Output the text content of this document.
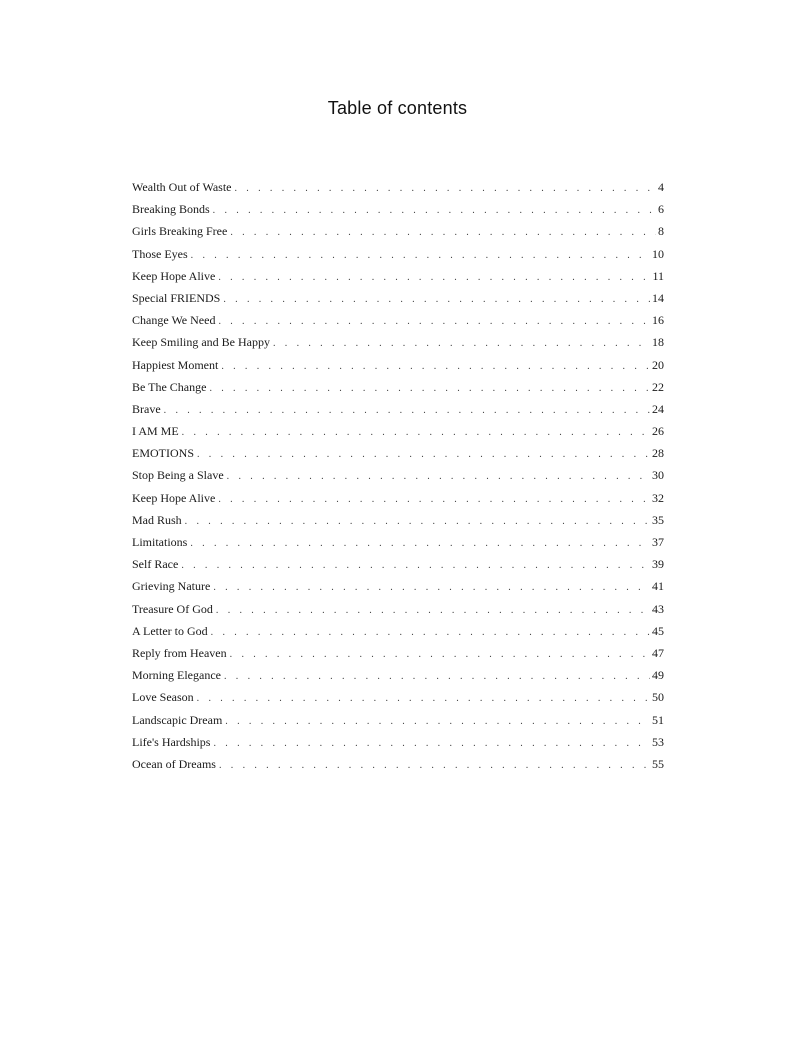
Table of contents
Wealth Out of Waste . . .	4
Breaking Bonds . . .	6
Girls Breaking Free . . .	8
Those Eyes . . .	10
Keep Hope Alive . . .	11
Special FRIENDS . . .	14
Change We Need . . .	16
Keep Smiling and Be Happy . . .	18
Happiest Moment . . .	20
Be The Change . . .	22
Brave . . .	24
I AM ME . . .	26
EMOTIONS . . .	28
Stop Being a Slave . . .	30
Keep Hope Alive . . .	32
Mad Rush . . .	35
Limitations . . .	37
Self Race . . .	39
Grieving Nature . . .	41
Treasure Of God . . .	43
A Letter to God . . .	45
Reply from Heaven . . .	47
Morning Elegance . . .	49
Love Season . . .	50
Landscapic Dream . . .	51
Life's Hardships . . .	53
Ocean of Dreams . . .	55
